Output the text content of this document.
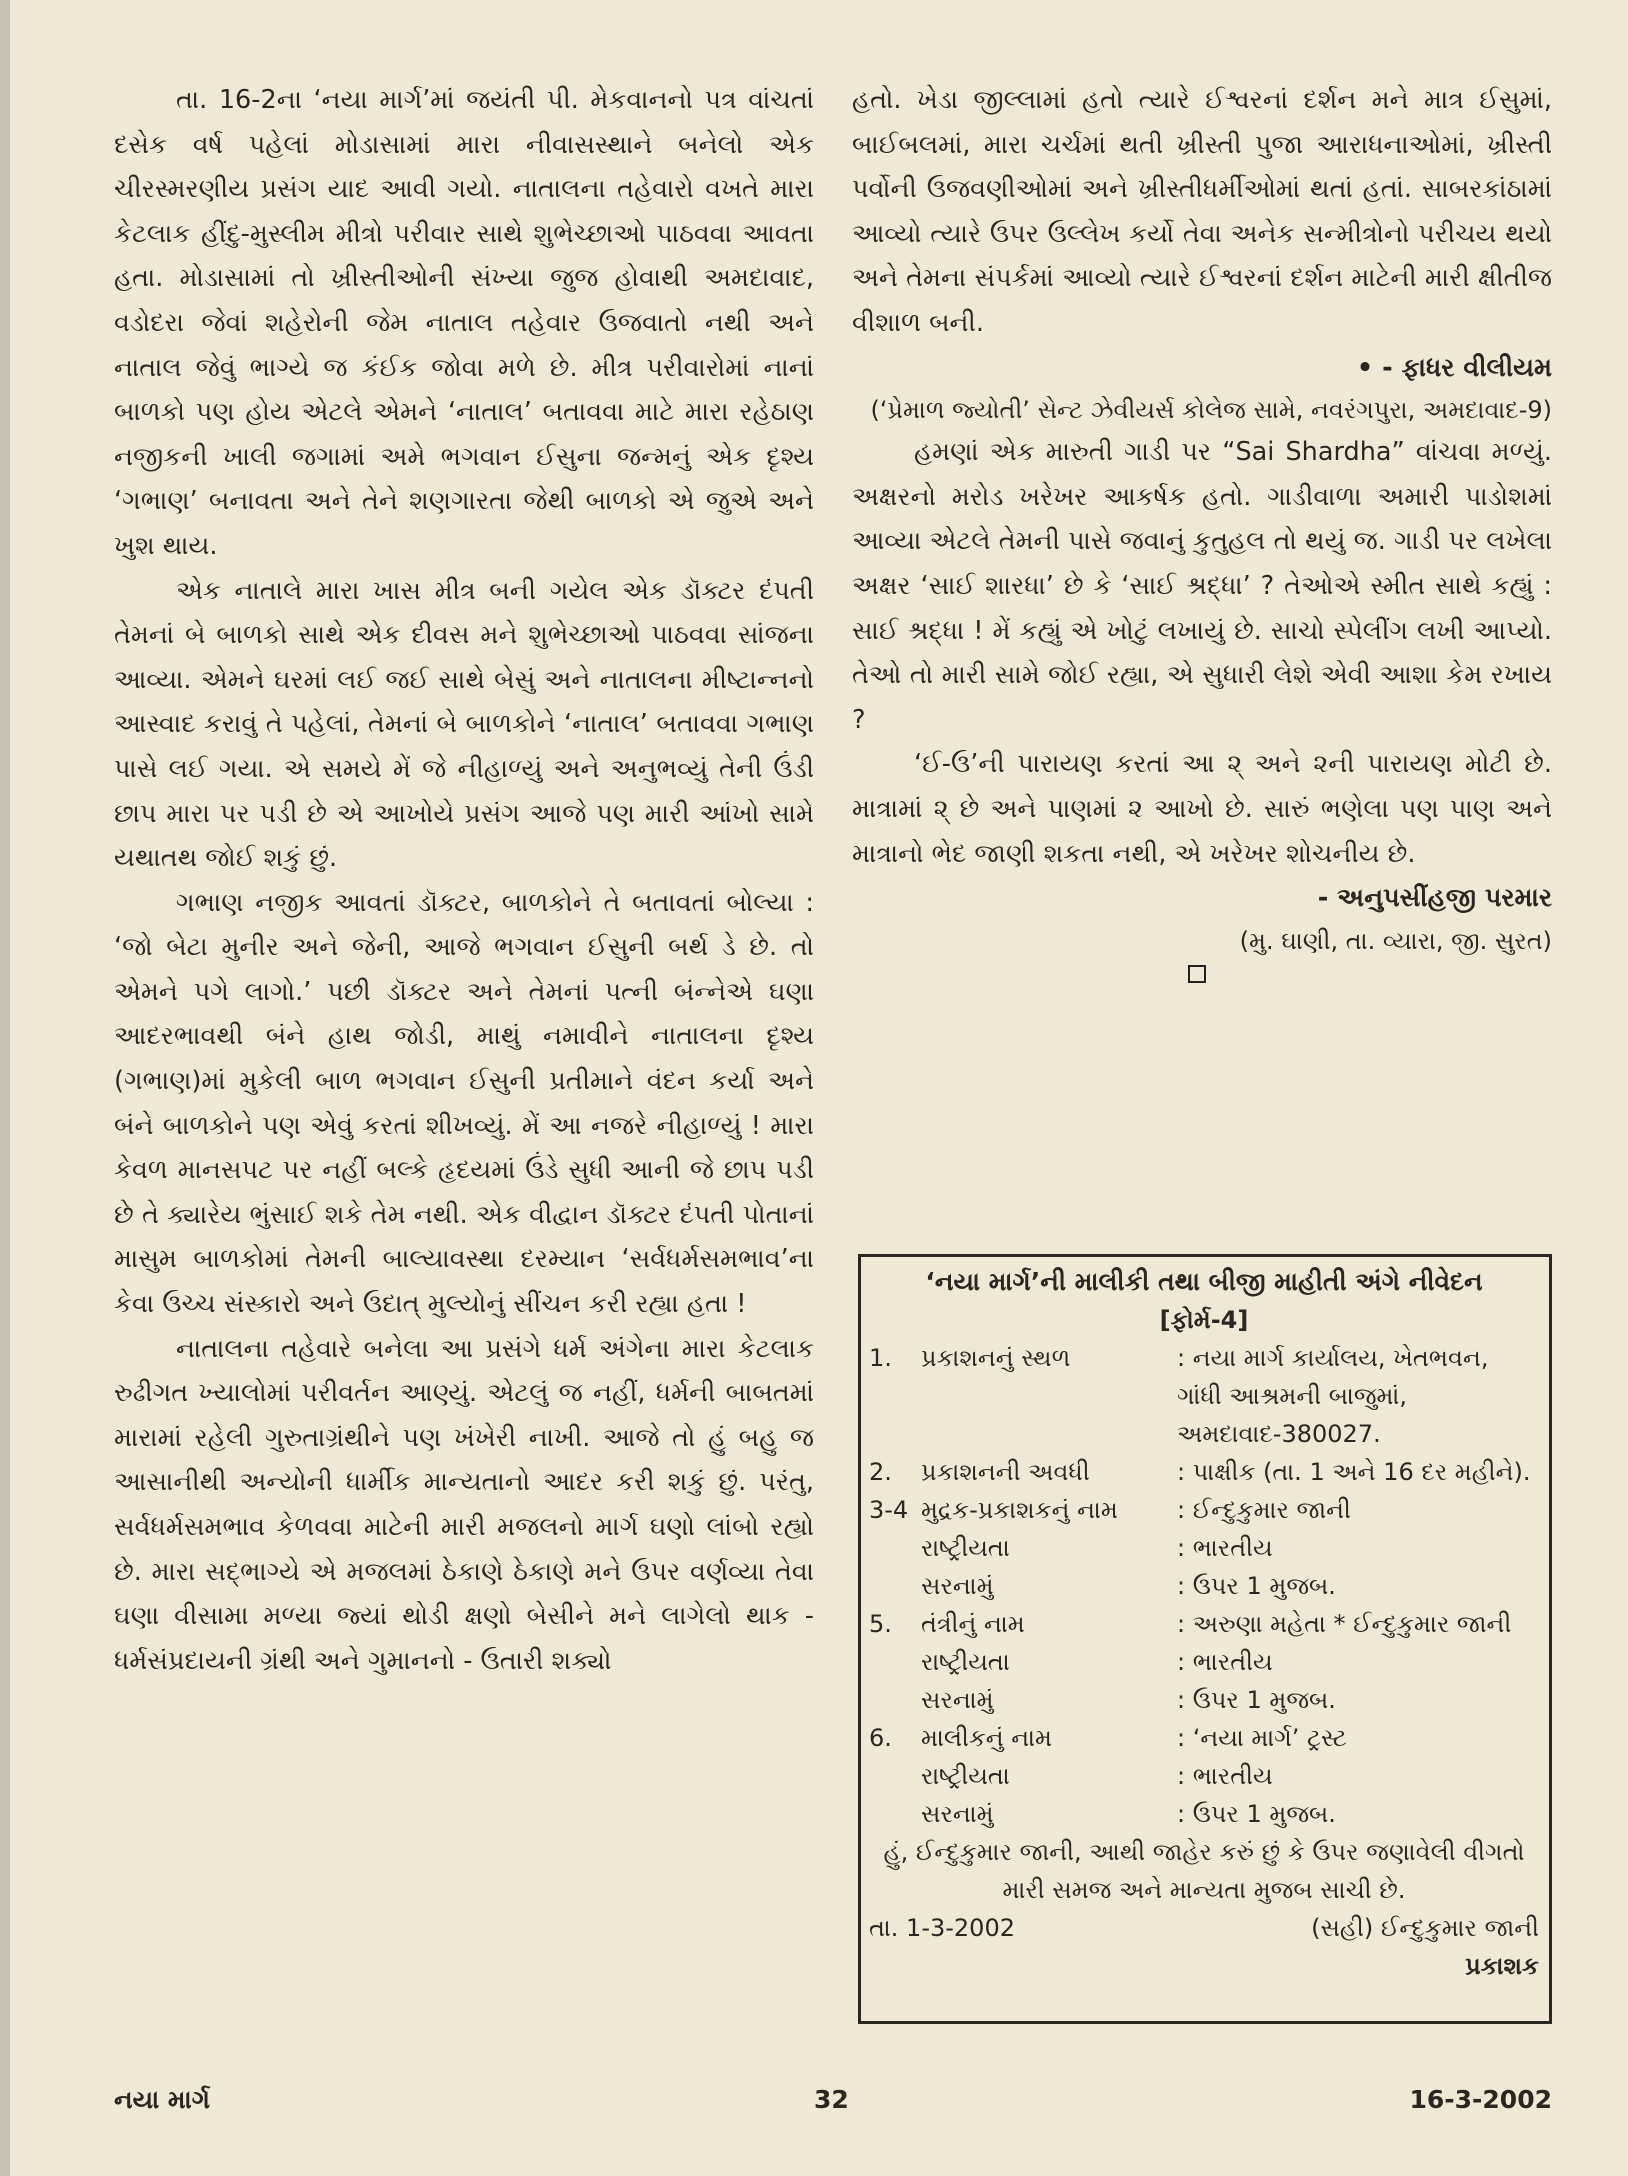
તા. 16-2ના ‘નયા માર્ગ’માં જયંતી પી. મેકવાનનો પત્ર વાંચતાં દસેક વર્ષ પહેલાં મોડાસામાં મારા નીવાસસ્થાને બનેલો એક ચીરસ્મરણીય પ્રસંગ યાદ આવી ગયો. નાતાલના તહેવારો વખતે મારા કેટલાક હીંદુ-મુસ્લીમ મીત્રો પરીવાર સાથે શુભેચ્છાઓ પાઠવવા આવતા હતા. મોડાસામાં તો ખ્રીસ્તીઓની સંખ્યા જુજ હોવાથી અમદાવાદ, વડોદરા જેવાં શહેરોની જેમ નાતાલ તહેવાર ઉજવાતો નથી અને નાતાલ જેવું ભાગ્યે જ કંઈક જોવા મળે છે. મીત્ર પરીવારોમાં નાનાં બાળકો પણ હોય એટલે એમને ‘નાતાલ’ બતાવવા માટે મારા રહેઠાણ નજીકની ખાલી જગામાં અમે ભગવાન ઈસુના જન્મનું એક દૃશ્ય ‘ગભાણ’ બનાવતા અને તેને શણગારતા જેથી બાળકો એ જુએ અને ખુશ થાય.

એક નાતાલે મારા ખાસ મીત્ર બની ગયેલ એક ડૉક્ટર દંપતી તેમનાં બે બાળકો સાથે એક દીવસ મને શુભેચ્છાઓ પાઠવવા સાંજના આવ્યા. એમને ઘરમાં લઈ જઈ સાથે બેસું અને નાતાલના મીષ્ટાન્નનો આસ્વાદ કરાવું તે પહેલાં, તેમનાં બે બાળકોને ‘નાતાલ’ બતાવવા ગભાણ પાસે લઈ ગયા. એ સમયે મેં જે નીહાળ્યું અને અનુભવ્યું તેની ઉંડી છાપ મારા પર પડી છે એ આખોયે પ્રસંગ આજે પણ મારી આંખો સામે યથાતથ જોઈ શકું છું.

ગભાણ નજીક આવતાં ડૉક્ટર, બાળકોને તે બતાવતાં બોલ્યા : ‘જો બેટા મુનીર અને જેની, આજે ભગવાન ઈસુની બર્થ ડે છે. તો એમને પગે લાગો.’ પછી ડૉક્ટર અને તેમનાં પત્ની બંન્નેએ ઘણા આદરભાવથી બંને હાથ જોડી, માથું નમાવીને નાતાલના દૃશ્ય (ગભાણ)માં મુકેલી બાળ ભગવાન ઈસુની પ્રતીમાને વંદન કર્યા અને બંને બાળકોને પણ એવું કરતાં શીખવ્યું. મેં આ નજરે નીહાળ્યું ! મારા કેવળ માનસપટ પર નહીં બલ્કે હૃદયમાં ઉંડે સુધી આની જે છાપ પડી છે તે ક્યારેય ભુંસાઈ શકે તેમ નથી. એક વીદ્વાન ડૉક્ટર દંપતી પોતાનાં માસુમ બાળકોમાં તેમની બાલ્યાવસ્થા દરમ્યાન ‘સર્વધર્મસમભાવ’ના કેવા ઉચ્ચ સંસ્કારો અને ઉદાત્ મુલ્યોનું સીંચન કરી રહ્યા હતા !

નાતાલના તહેવારે બનેલા આ પ્રસંગે ધર્મ અંગેના મારા કેટલાક રુઢીગત ખ્યાલોમાં પરીવર્તન આણ્યું. એટલું જ નહીં, ધર્મની બાબતમાં મારામાં રહેલી ગુરુતાગ્રંથીને પણ ખંખેરી નાખી. આજે તો હું બહુ જ આસાનીથી અન્યોની ધાર્મીક માન્યતાનો આદર કરી શકું છું. પરંતુ, સર્વધર્મસમભાવ કેળવવા માટેની મારી મજલનો માર્ગ ઘણો લાંબો રહ્યો છે. મારા સદ્ભાગ્યે એ મજલમાં ઠેકાણે ઠેકાણે મને ઉપર વર્ણવ્યા તેવા ઘણા વીસામા મળ્યા જ્યાં થોડી ક્ષણો બેસીને મને લાગેલો થાક - ધર્મસંપ્રદાયની ગ્રંથી અને ગુમાનનો - ઉતારી શક્યો

હતો. ખેડા જીલ્લામાં હતો ત્યારે ઈશ્વરનાં દર્શન મને માત્ર ઈસુમાં, બાઈબલમાં, મારા ચર્ચમાં થતી ખ્રીસ્તી પુજા આરાધનાઓમાં, ખ્રીસ્તી પર્વોની ઉજવણીઓમાં અને ખ્રીસ્તીધર્મીઓમાં થતાં હતાં. સાબરકાંઠામાં આવ્યો ત્યારે ઉપર ઉલ્લેખ કર્યો તેવા અનેક સન્મીત્રોનો પરીચય થયો અને તેમના સંપર્કમાં આવ્યો ત્યારે ઈશ્વરનાં દર્શન માટેની મારી ક્ષીતીજ વીશાળ બની.

• - ફાધર વીલીયમ
(‘પ્રેમાળ જ્યોતી’ સેન્ટ ઝેવીયર્સ કોલેજ સામે, નવરંગપુરા, અમદાવાદ-9)

હમણાં એક મારુતી ગાડી પર “Sai Shardha” વાંચવા મળ્યું. અક્ષરનો મરોડ ખરેખર આકર્ષક હતો. ગાડીવાળા અમારી પાડોશમાં આવ્યા એટલે તેમની પાસે જવાનું કુતુહલ તો થયું જ. ગાડી પર લખેલા અક્ષર ‘સાઈ શારધા’ છે કે ‘સાઈ શ્રદ્ધા’ ? તેઓએ સ્મીત સાથે કહ્યું : સાઈ શ્રદ્ધા ! મેં કહ્યું એ ખોટું લખાયું છે. સાચો સ્પેલીંગ લખી આપ્યો. તેઓ તો મારી સામે જોઈ રહ્યા, એ સુધારી લેશે એવી આશા કેમ રખાય ?

‘ઈ-ઉ’ની પારાયણ કરતાં આ ૨્ અને ૨ની પારાયણ મોટી છે. માત્રામાં ૨્ છે અને પાણમાં ૨ આખો છે. સારું ભણેલા પણ પાણ અને માત્રાનો ભેદ જાણી શકતા નથી, એ ખરેખર શોચનીય છે.

- અનુપસીંહજી પરમાર
(મુ. ઘાણી, તા. વ્યારા, જી. સુરત)
‘નયા માર્ગ’ની માલીકી તથા બીજી માહીતી અંગે નીવેદન
[ફોર્મ-4]
1.	પ્રકાશનનું સ્થળ	: નયા માર્ગ કાર્યાલય, ખેતભવન, ગાંધી આશ્રમની બાજુમાં, અમદાવાદ-380027.
2.	પ્રકાશનની અવધી	: પાક્ષીક (તા. 1 અને 16 દર મહીને).
3-4 મુદ્રક-પ્રકાશકનું નામ	: ઈન્દુકુમાર જાની
રાષ્ટ્રીયતા	: ભારતીય
સરનામું	: ઉપર 1 મુજબ.
5.	તંત્રીનું નામ	: અરુણા મહેતા * ઈન્દુકુમાર જાની
રાષ્ટ્રીયતા	: ભારતીય
સરનામું	: ઉપર 1 મુજબ.
6.	માલીકનું નામ	: ‘નયા માર્ગ’ ટ્રસ્ટ
રાષ્ટ્રીયતા	: ભારતીય
સરનામું	: ઉપર 1 મુજબ.
હું, ઈન્દુકુમાર જાની, આથી જાહેર કરું છું કે ઉપર જણાવેલી વીગતો મારી સમજ અને માન્યતા મુજબ સાચી છે.
તા. 1-3-2002	(સહી) ઈન્દુકુમાર જાની
પ્રકાશક
નયા માર્ગ	32	16-3-2002
